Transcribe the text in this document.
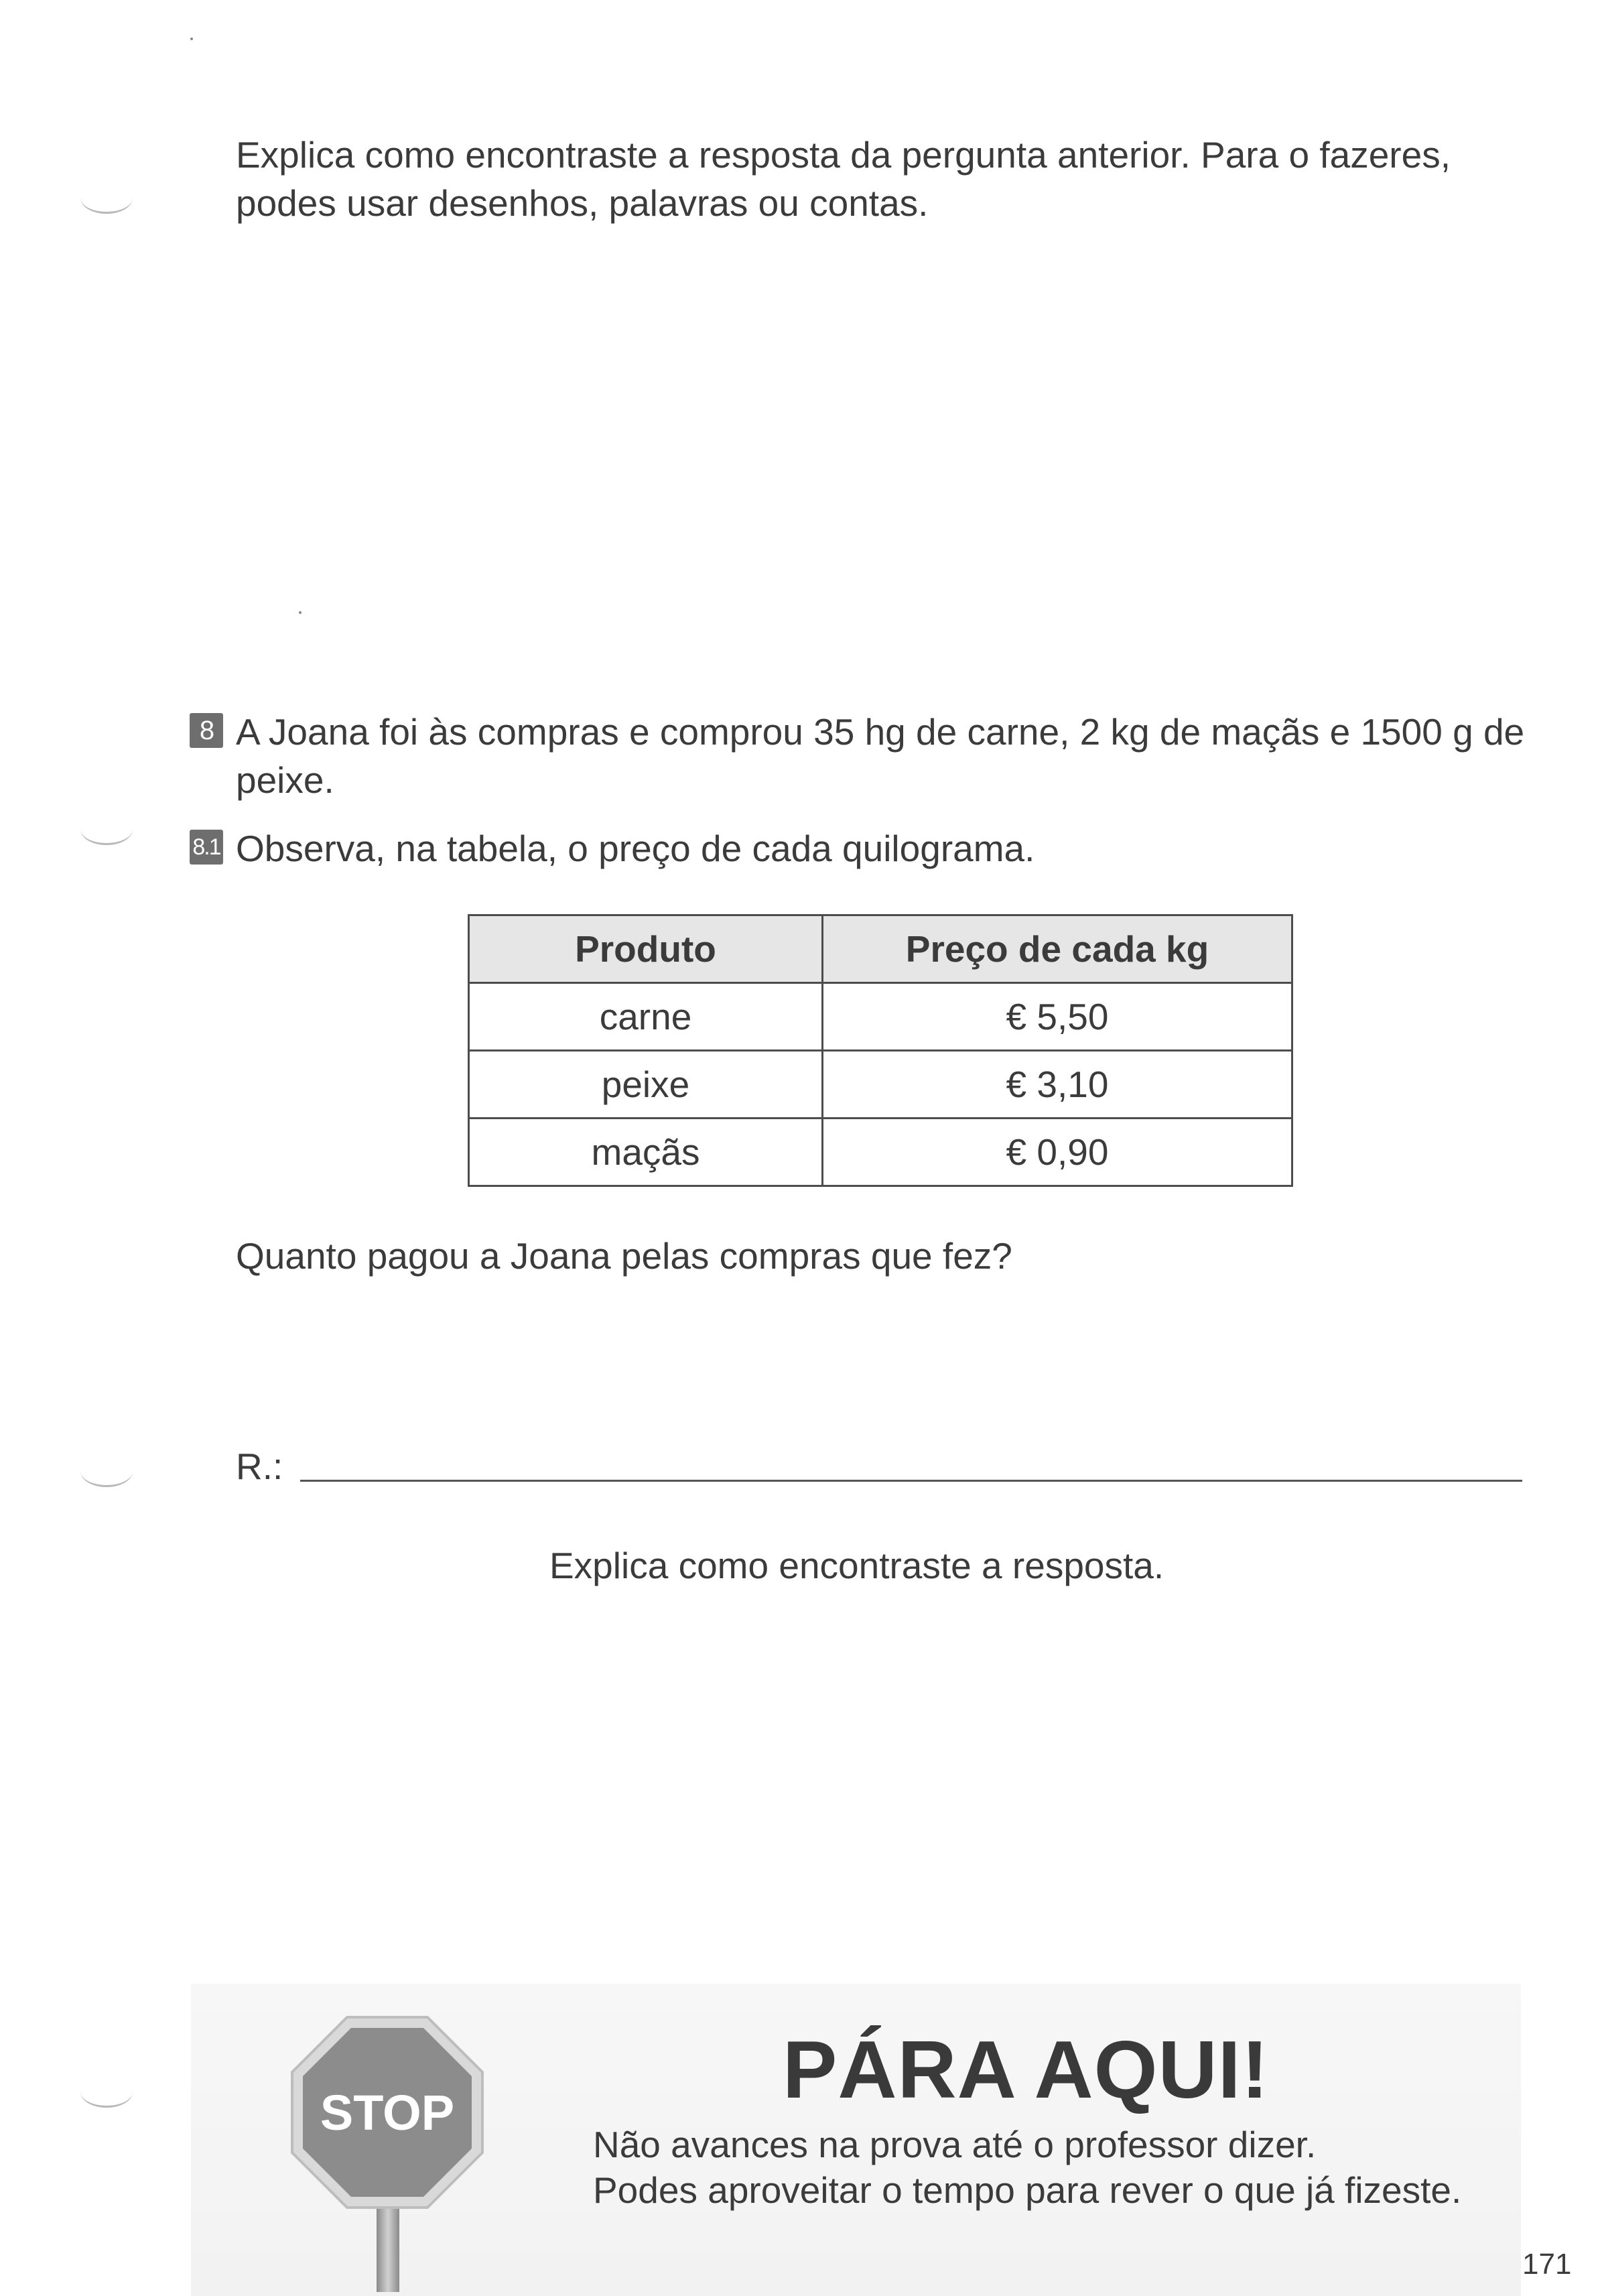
Explica como encontraste a resposta da pergunta anterior. Para o fazeres,
podes usar desenhos, palavras ou contas.
8 A Joana foi às compras e comprou 35 hg de carne, 2 kg de maçãs e 1500 g de
peixe.
8.1 Observa, na tabela, o preço de cada quilograma.
Produto	Preço de cada kg
carne	€ 5,50
peixe	€ 3,10
maçãs	€ 0,90
Quanto pagou a Joana pelas compras que fez?
R.:
Explica como encontraste a resposta.
STOP	PÁRA AQUI!
Não avances na prova até o professor dizer.
Podes aproveitar o tempo para rever o que já fizeste.
171
